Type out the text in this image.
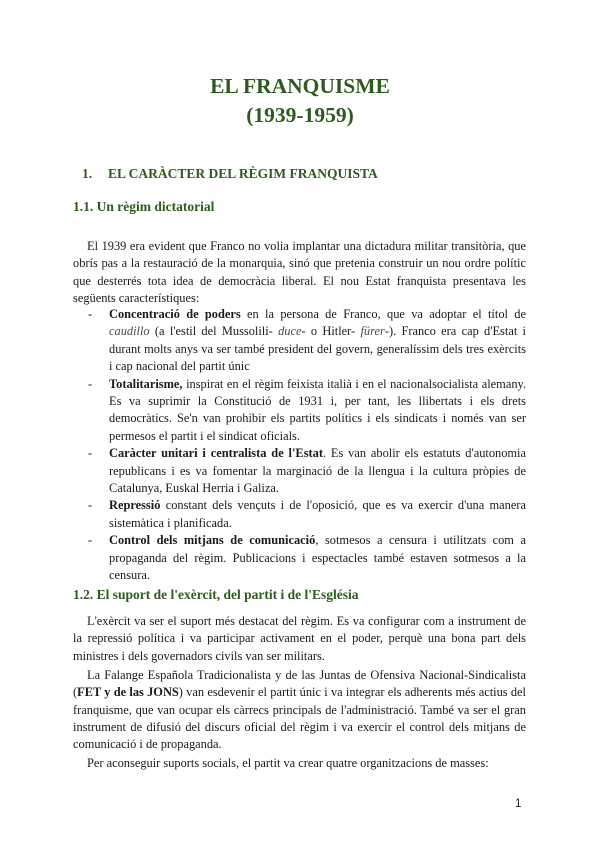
EL FRANQUISME
(1939-1959)
1. EL CARÀCTER DEL RÈGIM FRANQUISTA
1.1. Un règim dictatorial

El 1939 era evident que Franco no volia implantar una dictadura militar transitòria, que obrís pas a la restauració de la monarquia, sinó que pretenia construir un nou ordre polític que desterrés tota idea de democràcia liberal. El nou Estat franquista presentava les següents característiques:

- Concentració de poders en la persona de Franco, que va adoptar el títol de caudillo (a l'estil del Mussolili- duce- o Hitler- fürer-). Franco era cap d'Estat i durant molts anys va ser també president del govern, generalíssim dels tres exèrcits i cap nacional del partit únic
- Totalitarisme, inspirat en el règim feixista italià i en el nacionalsocialista alemany. Es va suprimir la Constitució de 1931 i, per tant, les llibertats i els drets democràtics. Se'n van prohibir els partits polítics i els sindicats i només van ser permesos el partit i el sindicat oficials.
- Caràcter unitari i centralista de l'Estat. Es van abolir els estatuts d'autonomia republicans i es va fomentar la marginació de la llengua i la cultura pròpies de Catalunya, Euskal Herria i Galiza.
- Repressió constant dels vençuts i de l'oposició, que es va exercir d'una manera sistemàtica i planificada.
- Control dels mitjans de comunicació, sotmesos a censura i utilitzats com a propaganda del règim. Publicacions i espectacles també estaven sotmesos a la censura.
1.2. El suport de l'exèrcit, del partit i de l'Església

L'exèrcit va ser el suport més destacat del règim. Es va configurar com a instrument de la repressió política i va participar activament en el poder, perquè una bona part dels ministres i dels governadors civils van ser militars.

La Falange Española Tradicionalista y de las Juntas de Ofensiva Nacional-Sindicalista (FET y de las JONS) van esdevenir el partit únic i va integrar els adherents més actius del franquisme, que van ocupar els càrrecs principals de l'administració. També va ser el gran instrument de difusió del discurs oficial del règim i va exercir el control dels mitjans de comunicació i de propaganda.

Per aconseguir suports socials, el partit va crear quatre organitzacions de masses:

1
